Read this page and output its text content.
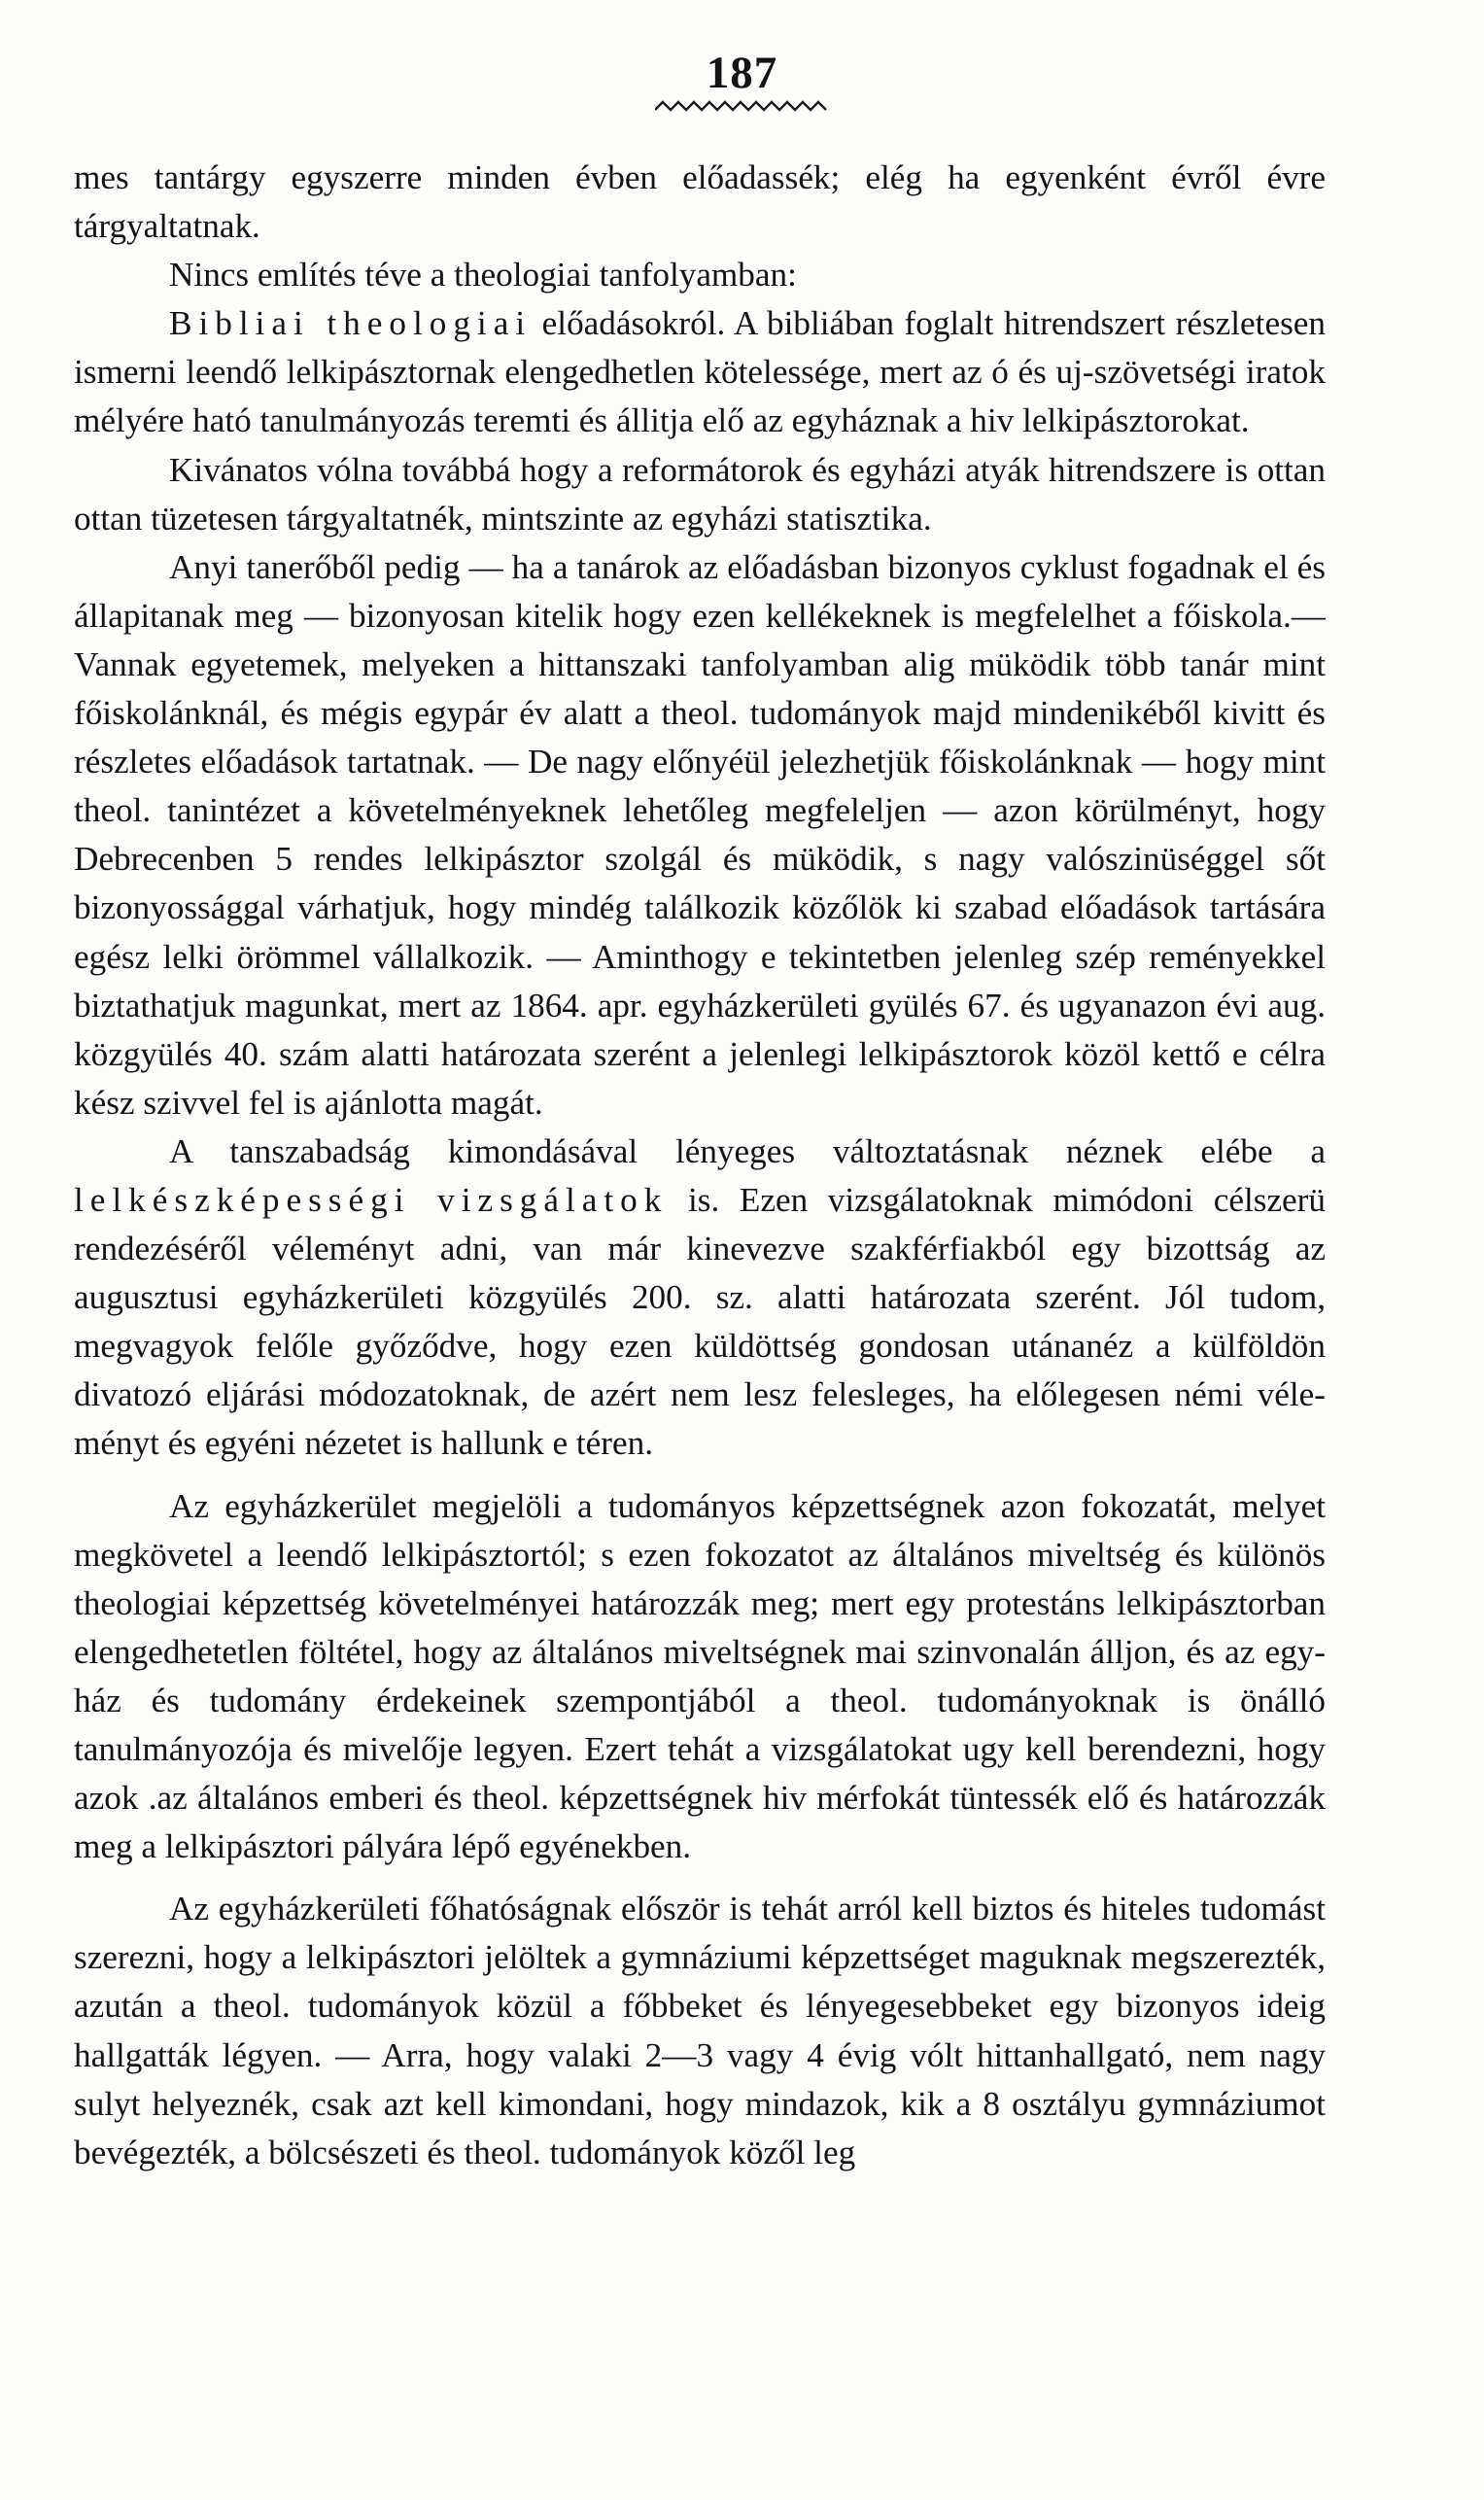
187

mes tantárgy egyszerre minden évben előadassék; elég ha egyenként évről évre tárgyaltatnak.

Nincs említés téve a theologiai tanfolyamban:

Bibliai theologiai előadásokról. A bibliában foglalt hitrendszert részletesen ismerni leendő lelkipásztornak elengedhetlen kötelessége, mert az ó és uj-szövetségi iratok mélyére ható tanulmányozás teremti és állitja elő az egyháznak a hiv lelkipásztorokat.

Kivánatos vólna továbbá hogy a reformátorok és egyházi atyák hitrendszere is ottan ottan tüzetesen tárgyaltatnék, mintszinte az egyházi statisztika.

Anyi tanerőből pedig — ha a tanárok az előadásban bizonyos cyklust fogadnak el és állapitanak meg — bizonyosan kitelik hogy ezen kellékeknek is megfelelhet a főiskola.—Vannak egyetemek, melyeken a hittanszaki tanfolyamban alig müködik több tanár mint főiskolánknál, és mégis egypár év alatt a theol. tudományok majd mindenikéből kivitt és részletes előadások tartatnak. — De nagy előnyéül jelezhetjük főiskolánknak — hogy mint theol. tanintézet a követelményeknek lehetőleg megfeleljen — azon körülményt, hogy Debrecenben 5 rendes lelkipásztor szolgál és müködik, s nagy valószinüséggel sőt bizonyossággal várhatjuk, hogy mindég találkozik közőlök ki szabad előadások tartására egész lelki örömmel vállalkozik. — Aminthogy e tekintetben jelenleg szép reményekkel biztathatjuk magunkat, mert az 1864. apr. egyházkerületi gyülés 67. és ugyanazon évi aug. közgyülés 40. szám alatti határozata szerént a jelenlegi lelkipásztorok közöl kettő e célra kész szivvel fel is ajánlotta magát.

A tanszabadság kimondásával lényeges változtatásnak néznek elébe a lelkészképességi vizsgálatok is. Ezen vizsgálatoknak mimódoni célszerü rendezéséről véleményt adni, van már kinevezve szakférfiakból egy bizottság az augusztusi egyházkerületi közgyülés 200. sz. alatti határozata szerént. Jól tudom, megvagyok felőle győződve, hogy ezen küldöttség gondosan utánanéz a külföldön divatozó eljárási módozatoknak, de azért nem lesz felesleges, ha előlegesen némi véleményt és egyéni nézetet is hallunk e téren.

Az egyházkerület megjelöli a tudományos képzettségnek azon fokozatát, melyet megkövetel a leendő lelkipásztortól; s ezen fokozatot az általános miveltség és különös theologiai képzettség követelményei határozzák meg; mert egy protestáns lelkipásztorban elengedhetetlen föltétel, hogy az általános miveltségnek mai szinvonalán álljon, és az egyház és tudomány érdekeinek szempontjából a theol. tudományoknak is önálló tanulmányozója és mivelője legyen. Ezert tehát a vizsgálatokat ugy kell berendezni, hogy azok .az általános emberi és theol. képzettségnek hiv mérfokát tüntessék elő és határozzák meg a lelkipásztori pályára lépő egyénekben.

Az egyházkerületi főhatóságnak először is tehát arról kell biztos és hiteles tudomást szerezni, hogy a lelkipásztori jelöltek a gymnáziumi képzettséget maguknak megszerezték, azután a theol. tudományok közül a főbbeket és lényegesebbeket egy bizonyos ideig hallgatták légyen. — Arra, hogy valaki 2—3 vagy 4 évig vólt hittanhallgató, nem nagy sulyt helyeznék, csak azt kell kimondani, hogy mindazok, kik a 8 osztályu gymnáziumot bevégezték, a bölcsészeti és theol. tudományok közől leg
